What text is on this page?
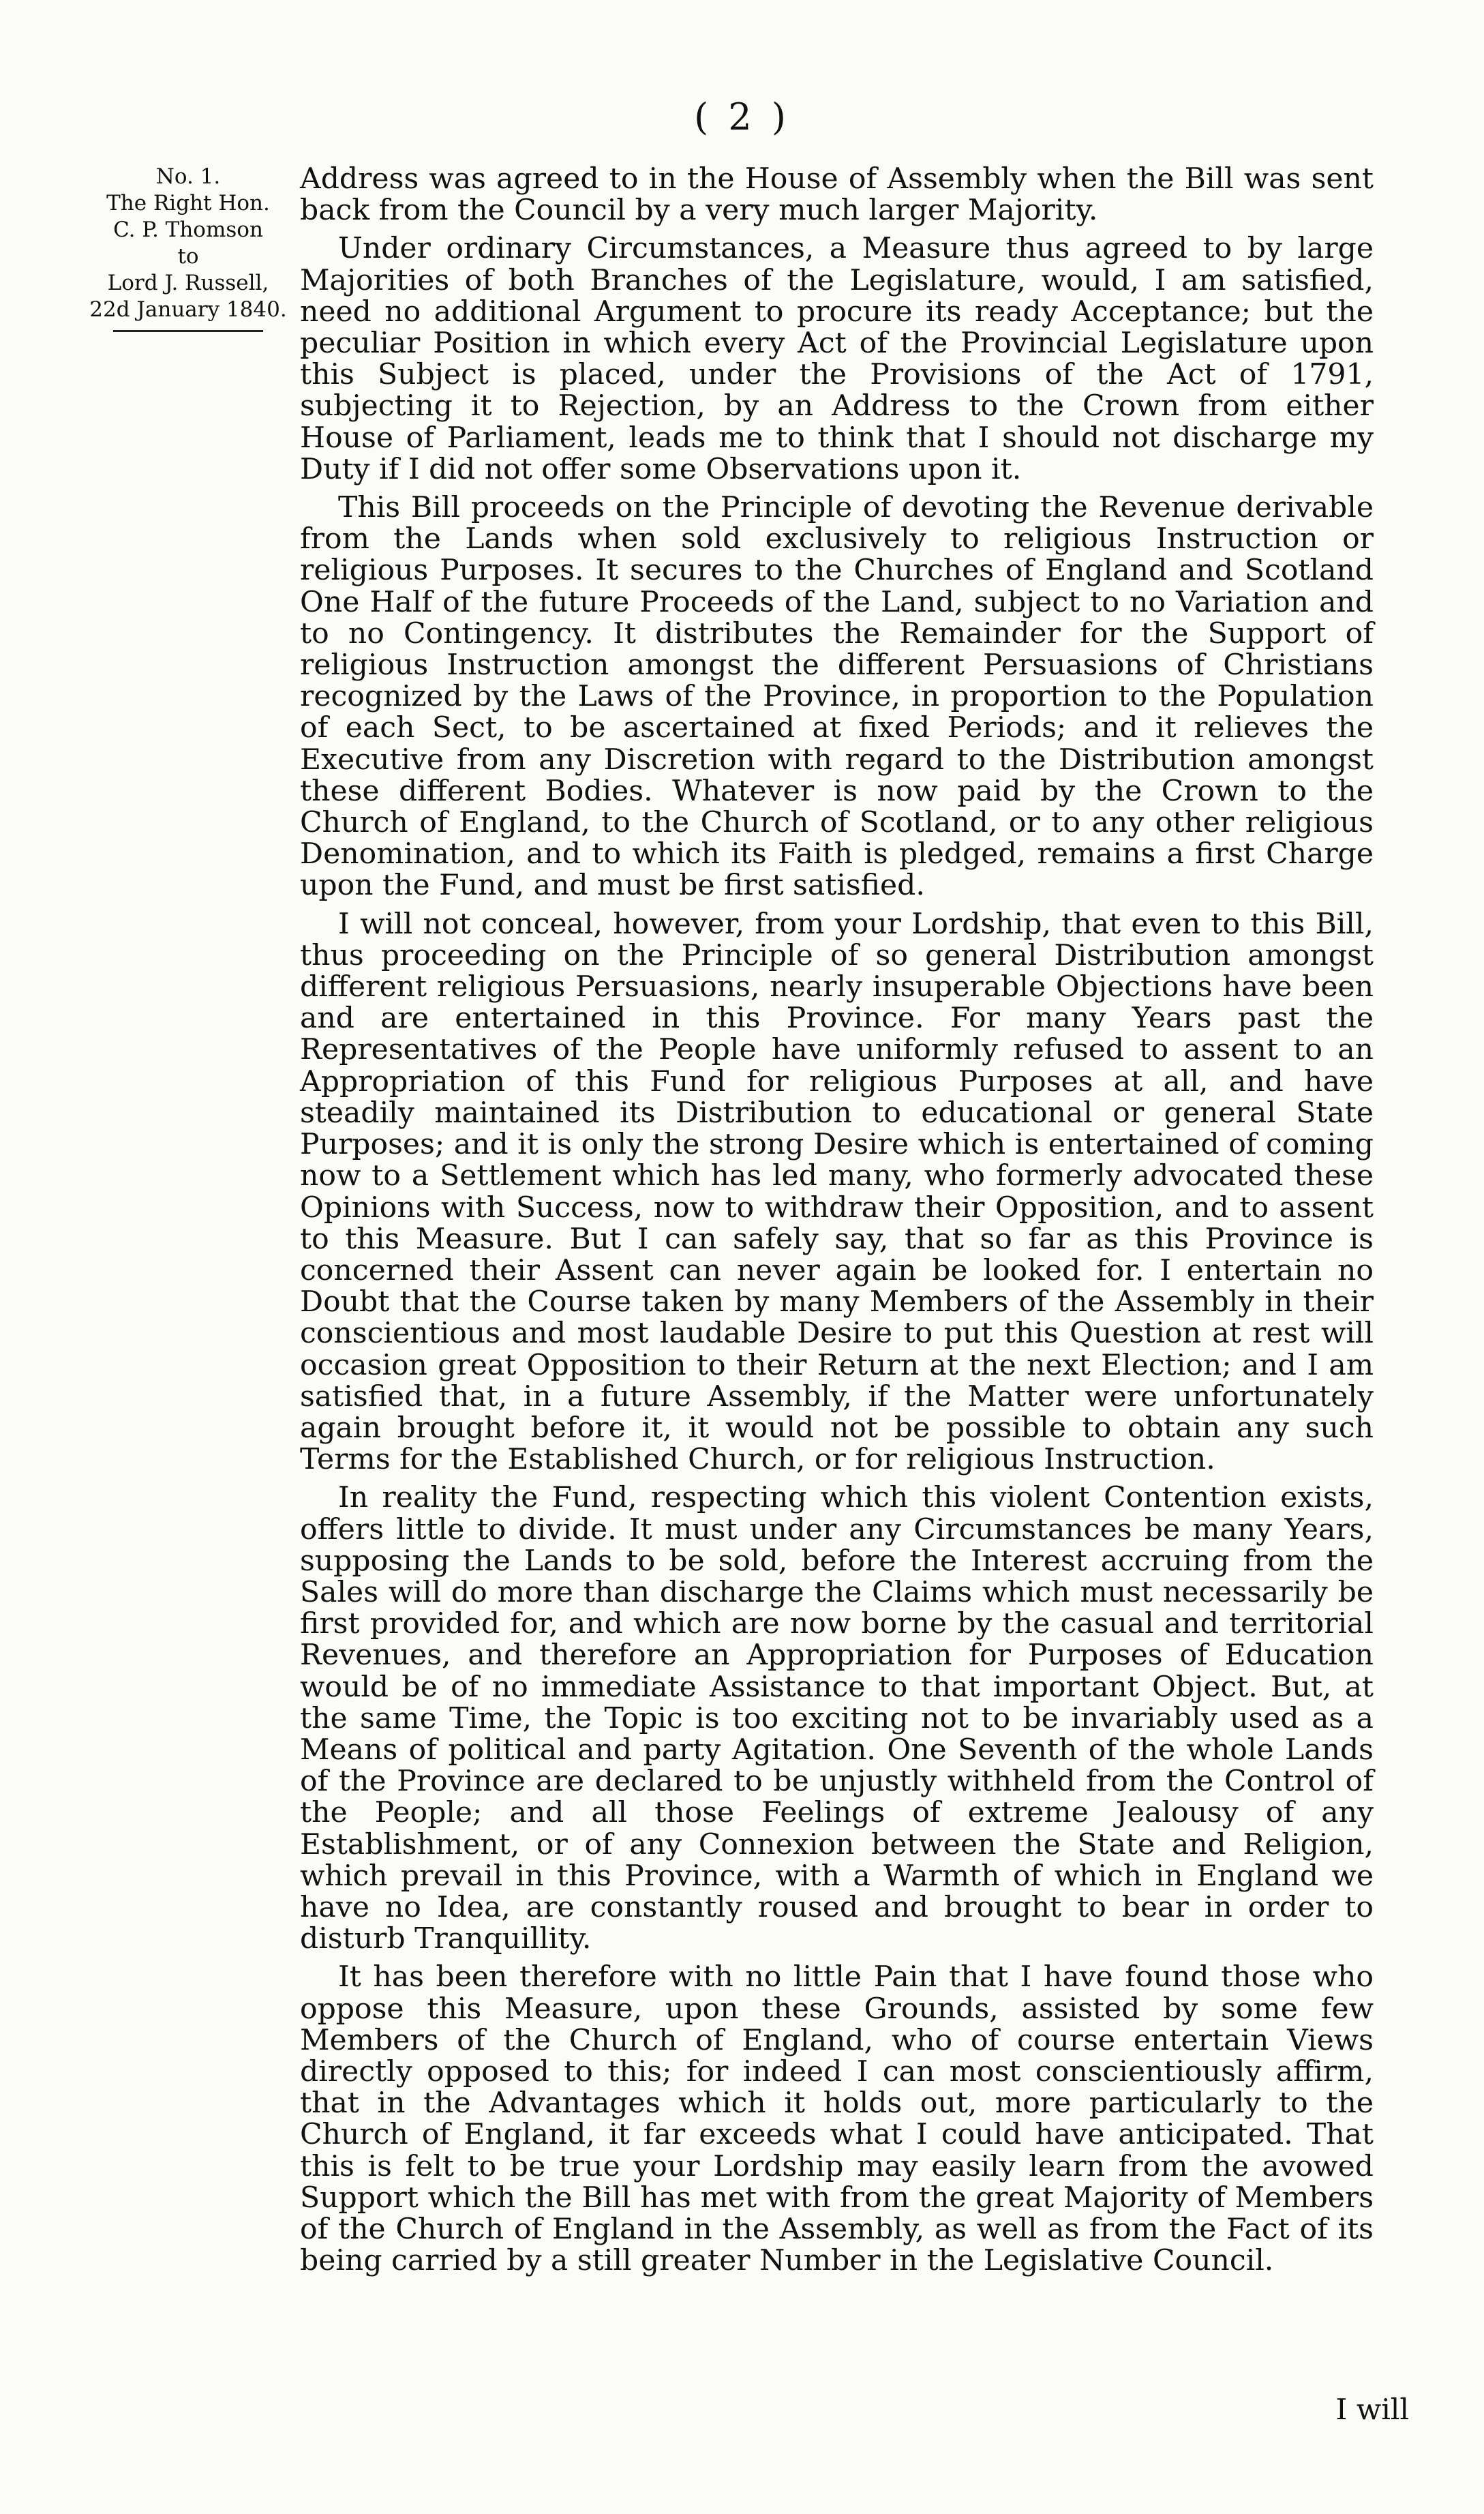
( 2 )
No. 1.
The Right Hon.
C. P. Thomson
to
Lord J. Russell,
22d January 1840.

Address was agreed to in the House of Assembly when the Bill was sent back from the Council by a very much larger Majority.

Under ordinary Circumstances, a Measure thus agreed to by large Majorities of both Branches of the Legislature, would, I am satisfied, need no additional Argument to procure its ready Acceptance; but the peculiar Position in which every Act of the Provincial Legislature upon this Subject is placed, under the Provisions of the Act of 1791, subjecting it to Rejection, by an Address to the Crown from either House of Parliament, leads me to think that I should not discharge my Duty if I did not offer some Observations upon it.

This Bill proceeds on the Principle of devoting the Revenue derivable from the Lands when sold exclusively to religious Instruction or religious Purposes. It secures to the Churches of England and Scotland One Half of the future Proceeds of the Land, subject to no Variation and to no Contingency. It distributes the Remainder for the Support of religious Instruction amongst the different Persuasions of Christians recognized by the Laws of the Province, in proportion to the Population of each Sect, to be ascertained at fixed Periods; and it relieves the Executive from any Discretion with regard to the Distribution amongst these different Bodies. Whatever is now paid by the Crown to the Church of England, to the Church of Scotland, or to any other religious Denomination, and to which its Faith is pledged, remains a first Charge upon the Fund, and must be first satisfied.

I will not conceal, however, from your Lordship, that even to this Bill, thus proceeding on the Principle of so general Distribution amongst different religious Persuasions, nearly insuperable Objections have been and are entertained in this Province. For many Years past the Representatives of the People have uniformly refused to assent to an Appropriation of this Fund for religious Purposes at all, and have steadily maintained its Distribution to educational or general State Purposes; and it is only the strong Desire which is entertained of coming now to a Settlement which has led many, who formerly advocated these Opinions with Success, now to withdraw their Opposition, and to assent to this Measure. But I can safely say, that so far as this Province is concerned their Assent can never again be looked for. I entertain no Doubt that the Course taken by many Members of the Assembly in their conscientious and most laudable Desire to put this Question at rest will occasion great Opposition to their Return at the next Election; and I am satisfied that, in a future Assembly, if the Matter were unfortunately again brought before it, it would not be possible to obtain any such Terms for the Established Church, or for religious Instruction.

In reality the Fund, respecting which this violent Contention exists, offers little to divide. It must under any Circumstances be many Years, supposing the Lands to be sold, before the Interest accruing from the Sales will do more than discharge the Claims which must necessarily be first provided for, and which are now borne by the casual and territorial Revenues, and therefore an Appropriation for Purposes of Education would be of no immediate Assistance to that important Object. But, at the same Time, the Topic is too exciting not to be invariably used as a Means of political and party Agitation. One Seventh of the whole Lands of the Province are declared to be unjustly withheld from the Control of the People; and all those Feelings of extreme Jealousy of any Establishment, or of any Connexion between the State and Religion, which prevail in this Province, with a Warmth of which in England we have no Idea, are constantly roused and brought to bear in order to disturb Tranquillity.

It has been therefore with no little Pain that I have found those who oppose this Measure, upon these Grounds, assisted by some few Members of the Church of England, who of course entertain Views directly opposed to this; for indeed I can most conscientiously affirm, that in the Advantages which it holds out, more particularly to the Church of England, it far exceeds what I could have anticipated. That this is felt to be true your Lordship may easily learn from the avowed Support which the Bill has met with from the great Majority of Members of the Church of England in the Assembly, as well as from the Fact of its being carried by a still greater Number in the Legislative Council.

I will
